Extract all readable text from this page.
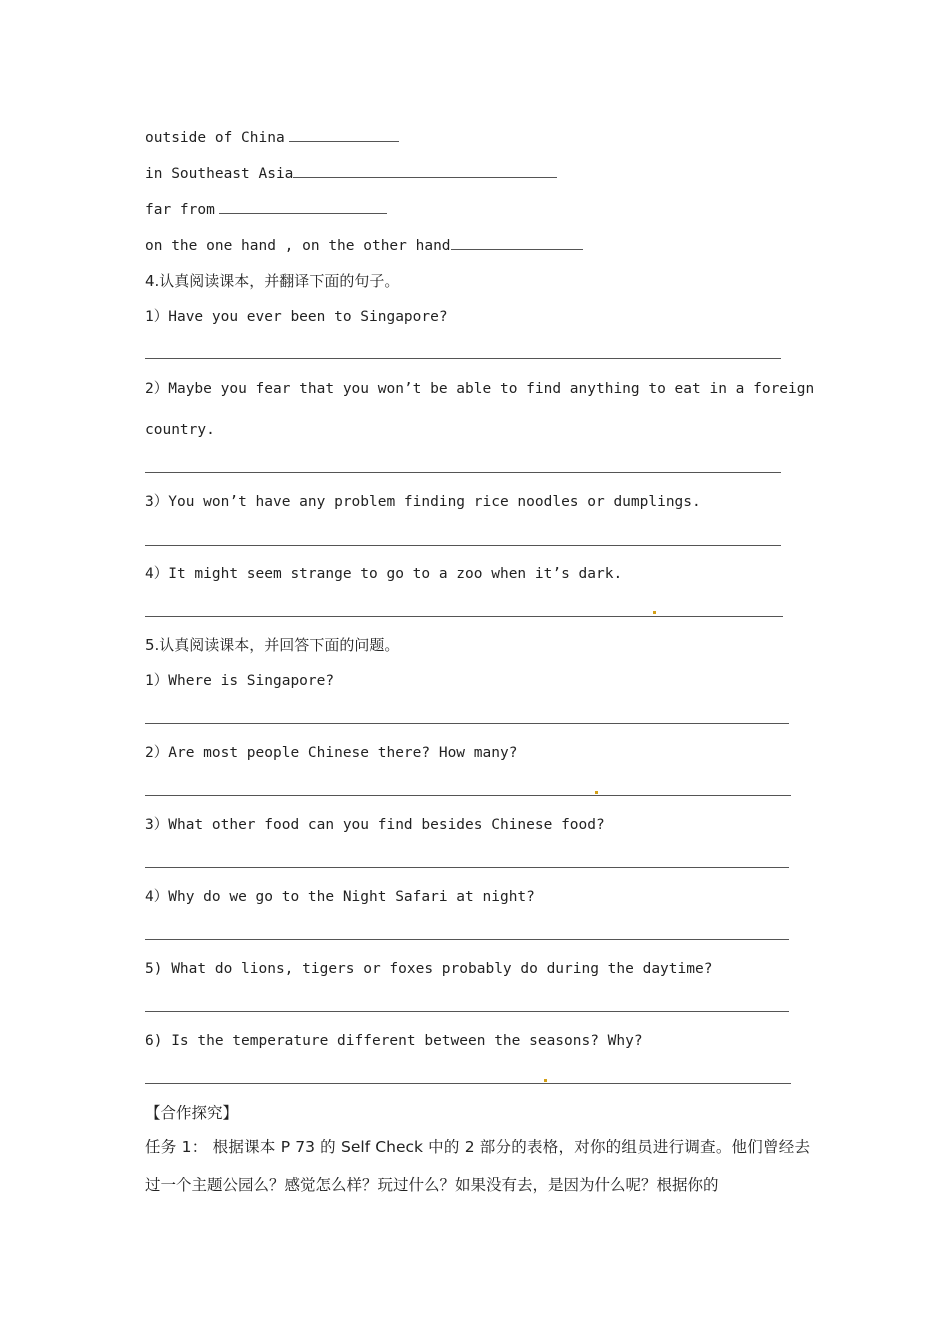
outside of China
in Southeast Asia
far from
on the one hand , on the other hand
4.认真阅读课本，并翻译下面的句子。
1）Have you ever been to Singapore?
2）Maybe you fear that you won’t be able to find anything to eat in a foreign
country.
3）You won’t have any problem finding rice noodles or dumplings.
4）It might seem strange to go to a zoo when it’s dark.
5.认真阅读课本，并回答下面的问题。
1）Where is Singapore?
2）Are most people Chinese there? How many?
3）What other food can you find besides Chinese food?
4）Why do we go to the Night Safari at night?
5) What do lions, tigers or foxes probably do during the daytime?
6) Is the temperature different between the seasons? Why?
【合作探究】
任务 1： 根据课本 P 73 的 Self Check 中的 2 部分的表格，对你的组员进行调查。他们曾经去过一个主题公园么？感觉怎么样？玩过什么？如果没有去，是因为什么呢？根据你的
